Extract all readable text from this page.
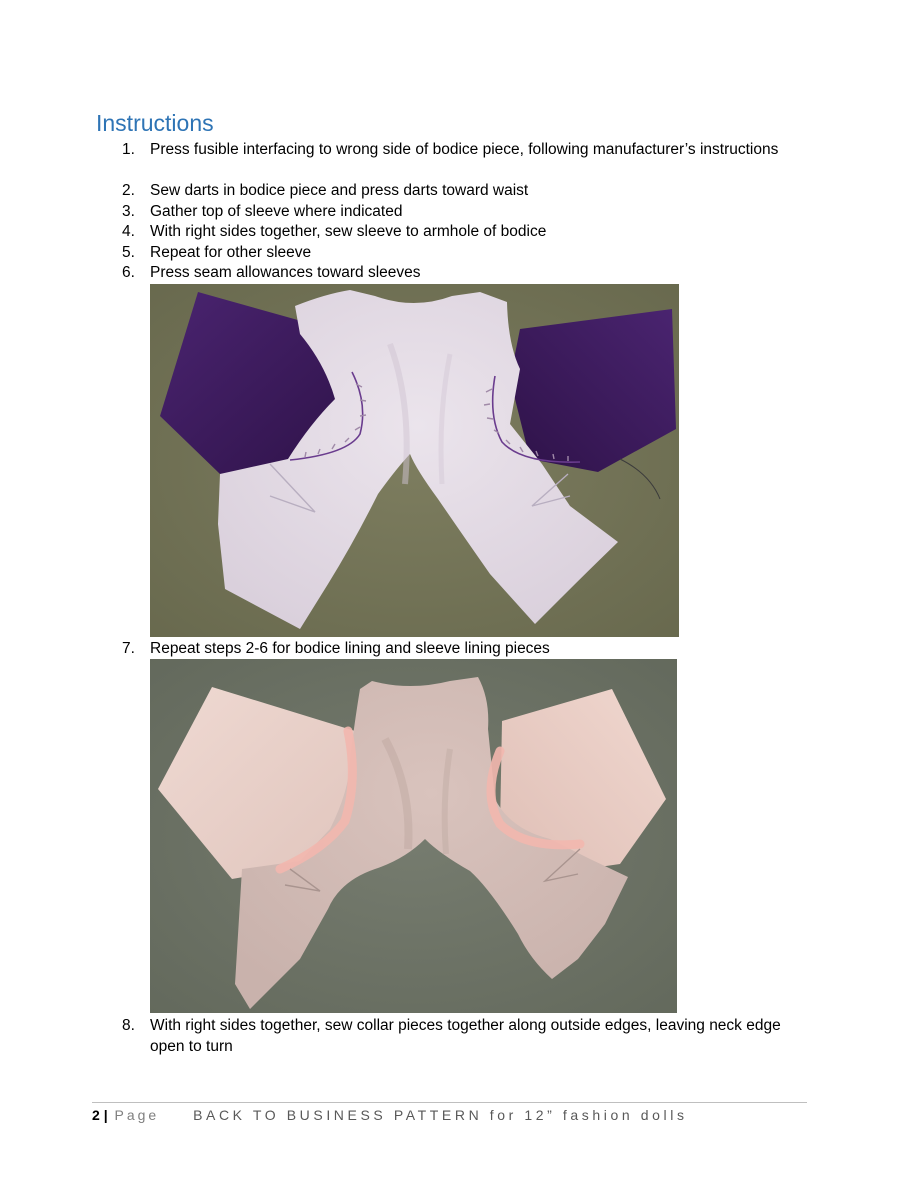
Instructions
1. Press fusible interfacing to wrong side of bodice piece, following manufacturer’s instructions
2. Sew darts in bodice piece and press darts toward waist
3. Gather top of sleeve where indicated
4. With right sides together, sew sleeve to armhole of bodice
5. Repeat for other sleeve
6. Press seam allowances toward sleeves
7. Repeat steps 2-6 for bodice lining and sleeve lining pieces
8. With right sides together, sew collar pieces together along outside edges, leaving neck edge open to turn
2 | Page BACK TO BUSINESS PATTERN for 12” fashion dolls
